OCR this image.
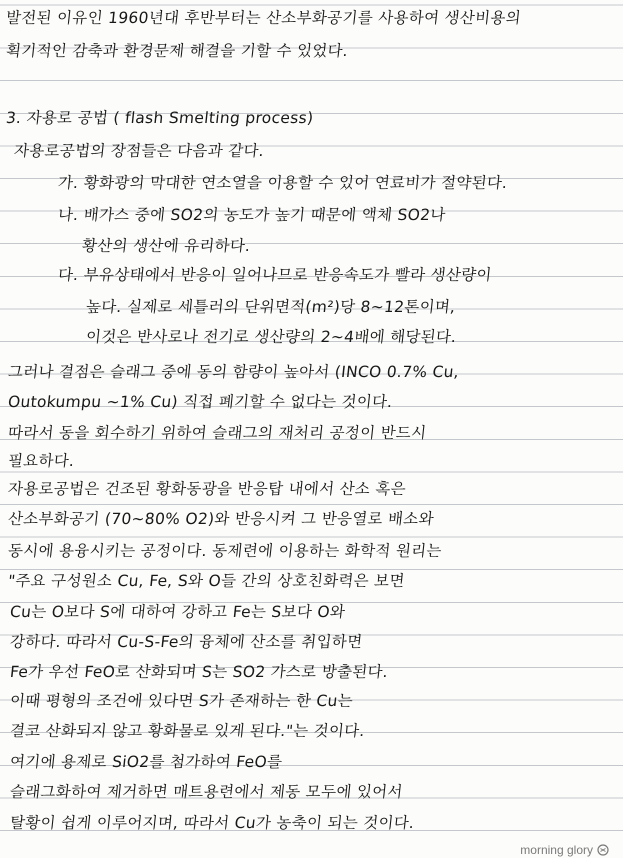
발전된 이유인 1960년대 후반부터는 산소부화공기를 사용하여 생산비용의
획기적인 감축과 환경문제 해결을 기할 수 있었다.
3. 자용로 공법 ( flash Smelting process)
자용로공법의 장점들은 다음과 같다.
가. 황화광의 막대한 연소열을 이용할 수 있어 연료비가 절약된다.
나. 배가스 중에 SO2의 농도가 높기 때문에 액체 SO2나
황산의 생산에 유리하다.
다. 부유상태에서 반응이 일어나므로 반응속도가 빨라 생산량이
높다. 실제로 세틀러의 단위면적(m²)당 8~12톤이며,
이것은 반사로나 전기로 생산량의 2~4배에 해당된다.
그러나 결점은 슬래그 중에 동의 함량이 높아서 (INCO 0.7% Cu,
Outokumpu ~1% Cu) 직접 폐기할 수 없다는 것이다.
따라서 동을 회수하기 위하여 슬래그의 재처리 공정이 반드시
필요하다.
자용로공법은 건조된 황화동광을 반응탑 내에서 산소 혹은
산소부화공기 (70~80% O2)와 반응시켜 그 반응열로 배소와
동시에 용융시키는 공정이다. 동제련에 이용하는 화학적 원리는
"주요 구성원소 Cu, Fe, S와 O들 간의 상호친화력은 보면
Cu는 O보다 S에 대하여 강하고 Fe는 S보다 O와
강하다. 따라서 Cu-S-Fe의 융체에 산소를 취입하면
Fe가 우선 FeO로 산화되며 S는 SO2 가스로 방출된다.
이때 평형의 조건에 있다면 S가 존재하는 한 Cu는
결코 산화되지 않고 황화물로 있게 된다."는 것이다.
여기에 용제로 SiO2를 첨가하여 FeO를
슬래그화하여 제거하면 매트용련에서 제동 모두에 있어서
탈황이 쉽게 이루어지며, 따라서 Cu가 농축이 되는 것이다.
morning glory
